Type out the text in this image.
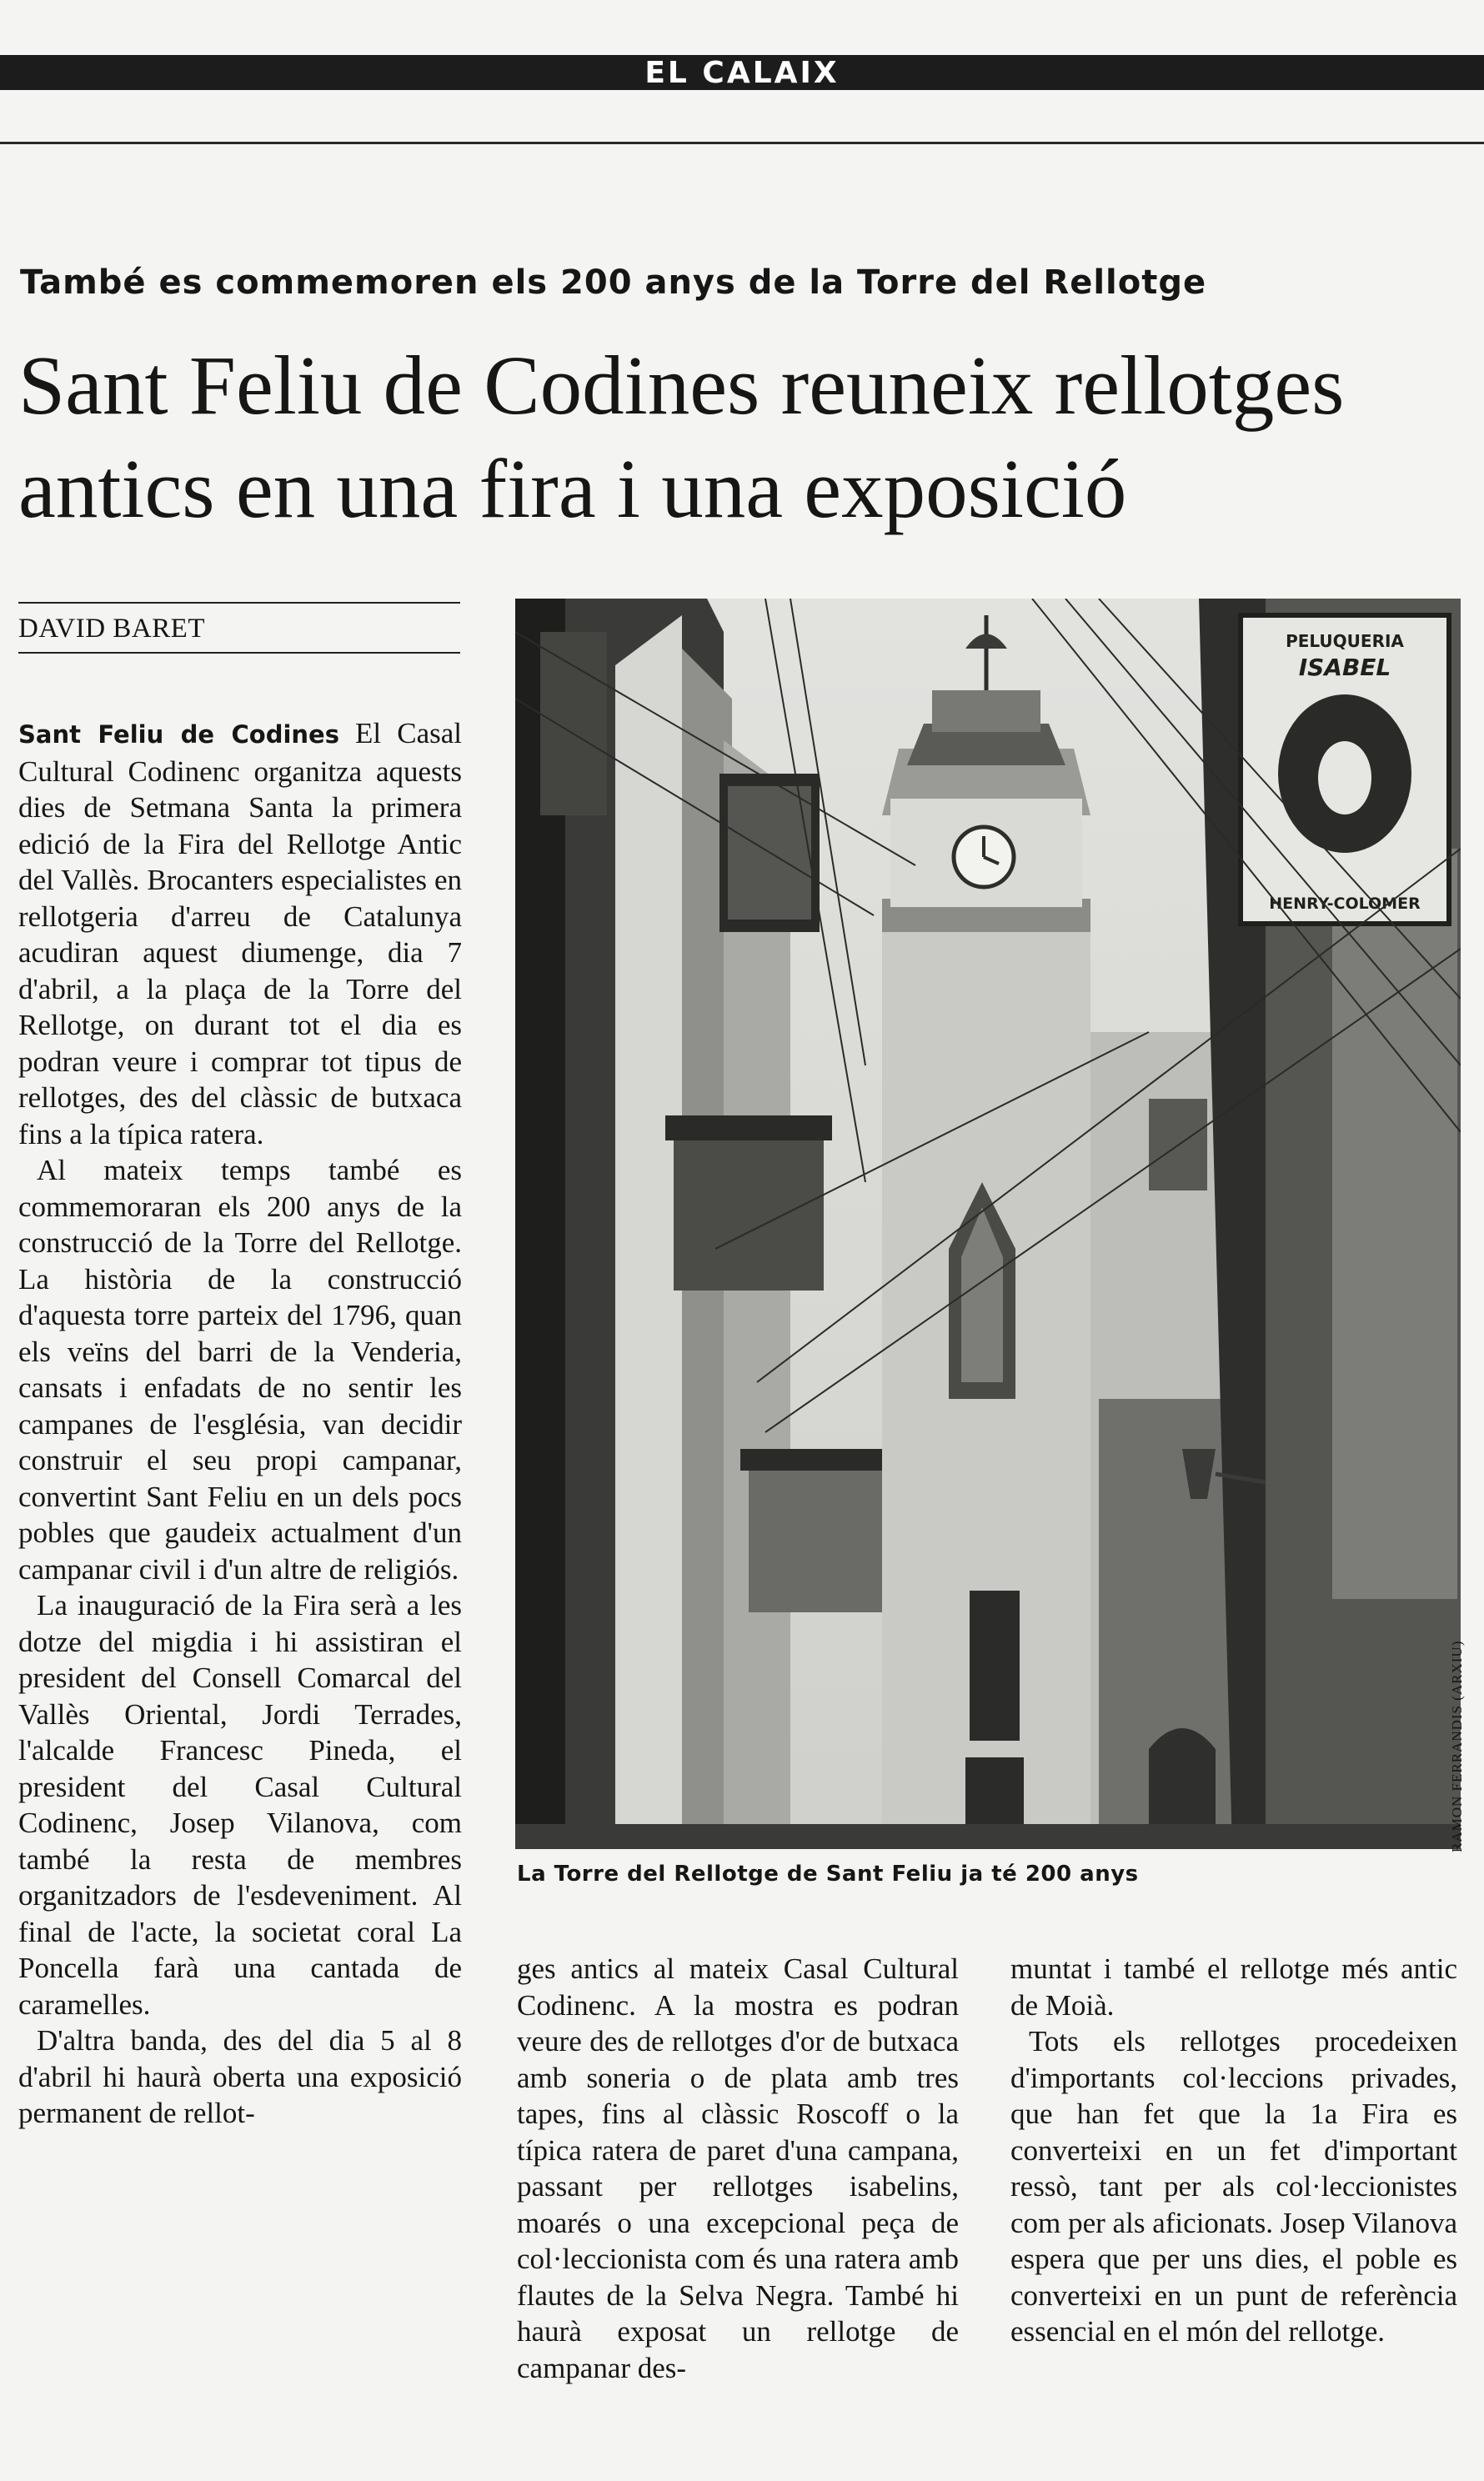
EL CALAIX
També es commemoren els 200 anys de la Torre del Rellotge
Sant Feliu de Codines reuneix rellotges
antics en una fira i una exposició
DAVID BARET

Sant Feliu de Codines El Casal Cultural Codinenc organitza aquests dies de Setmana Santa la primera edició de la Fira del Rellotge Antic del Vallès. Brocanters especialistes en rellotgeria d'arreu de Catalunya acudiran aquest diumenge, dia 7 d'abril, a la plaça de la Torre del Rellotge, on durant tot el dia es podran veure i comprar tot tipus de rellotges, des del clàssic de butxaca fins a la típica ratera.

Al mateix temps també es commemoraran els 200 anys de la construcció de la Torre del Rellotge. La història de la construcció d'aquesta torre parteix del 1796, quan els veïns del barri de la Venderia, cansats i enfadats de no sentir les campanes de l'església, van decidir construir el seu propi campanar, convertint Sant Feliu en un dels pocs pobles que gaudeix actualment d'un campanar civil i d'un altre de religiós.

La inauguració de la Fira serà a les dotze del migdia i hi assistiran el president del Consell Comarcal del Vallès Oriental, Jordi Terrades, l'alcalde Francesc Pineda, el president del Casal Cultural Codinenc, Josep Vilanova, com també la resta de membres organitzadors de l'esdeveniment. Al final de l'acte, la societat coral La Poncella farà una cantada de caramelles.

D'altra banda, des del dia 5 al 8 d'abril hi haurà oberta una exposició permanent de rellot-

PELUQUERIA
ISABEL
HENRY-COLOMER
RAMON FERRANDIS (ARXIU)
La Torre del Rellotge de Sant Feliu ja té 200 anys

ges antics al mateix Casal Cultural Codinenc. A la mostra es podran veure des de rellotges d'or de butxaca amb soneria o de plata amb tres tapes, fins al clàssic Roscoff o la típica ratera de paret d'una campana, passant per rellotges isabelins, moarés o una excepcional peça de col·leccionista com és una ratera amb flautes de la Selva Negra. També hi haurà exposat un rellotge de campanar des-

muntat i també el rellotge més antic de Moià.

Tots els rellotges procedeixen d'importants col·leccions privades, que han fet que la 1a Fira es converteixi en un fet d'important ressò, tant per als col·leccionistes com per als aficionats. Josep Vilanova espera que per uns dies, el poble es converteixi en un punt de referència essencial en el món del rellotge.
